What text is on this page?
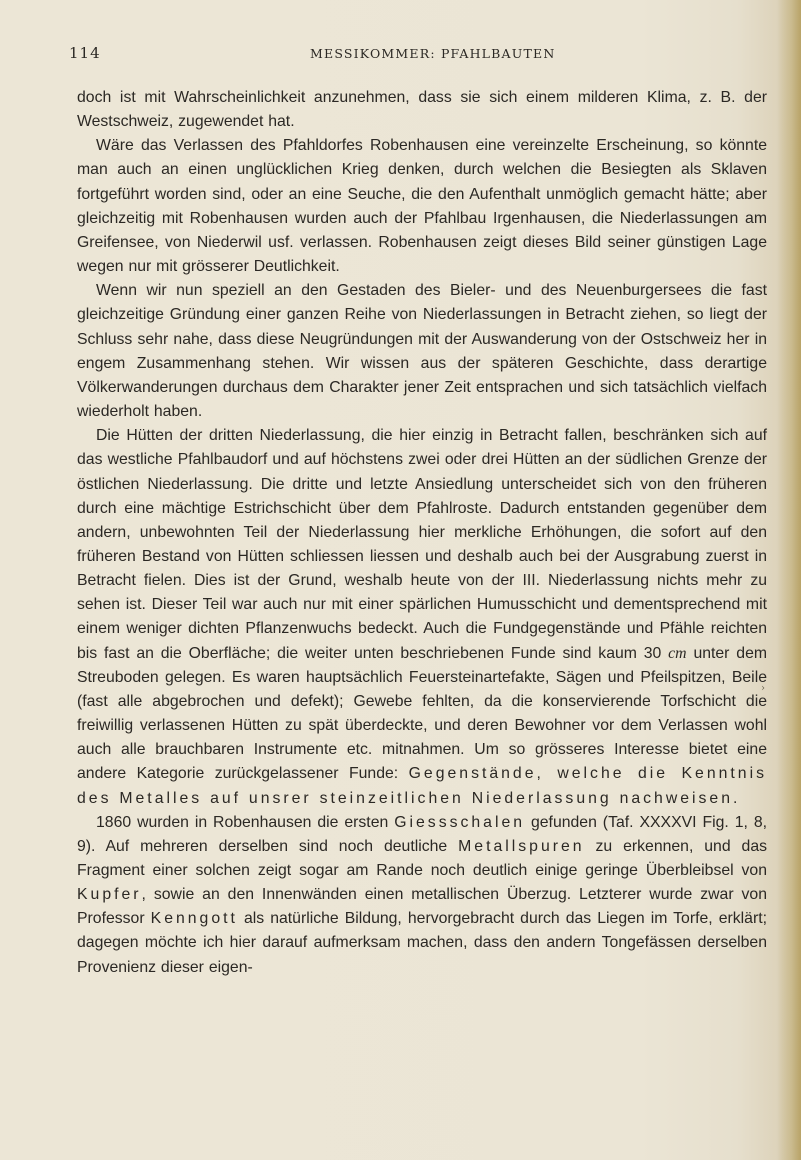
114	MESSIKOMMER: PFAHLBAUTEN

doch ist mit Wahrscheinlichkeit anzunehmen, dass sie sich einem milderen Klima, z. B. der Westschweiz, zugewendet hat.

Wäre das Verlassen des Pfahldorfes Robenhausen eine vereinzelte Erscheinung, so könnte man auch an einen unglücklichen Krieg denken, durch welchen die Besiegten als Sklaven fortgeführt worden sind, oder an eine Seuche, die den Aufenthalt unmöglich gemacht hätte; aber gleichzeitig mit Robenhausen wurden auch der Pfahlbau Irgenhausen, die Niederlassungen am Greifensee, von Niederwil usf. verlassen. Robenhausen zeigt dieses Bild seiner günstigen Lage wegen nur mit grösserer Deutlichkeit.

Wenn wir nun speziell an den Gestaden des Bieler- und des Neuenburgersees die fast gleichzeitige Gründung einer ganzen Reihe von Niederlassungen in Betracht ziehen, so liegt der Schluss sehr nahe, dass diese Neugründungen mit der Auswanderung von der Ostschweiz her in engem Zusammenhang stehen. Wir wissen aus der späteren Geschichte, dass derartige Völkerwanderungen durchaus dem Charakter jener Zeit entsprachen und sich tatsächlich vielfach wiederholt haben.

Die Hütten der dritten Niederlassung, die hier einzig in Betracht fallen, beschränken sich auf das westliche Pfahlbaudorf und auf höchstens zwei oder drei Hütten an der südlichen Grenze der östlichen Niederlassung. Die dritte und letzte Ansiedlung unterscheidet sich von den früheren durch eine mächtige Estrichschicht über dem Pfahlroste. Dadurch entstanden gegenüber dem andern, unbewohnten Teil der Niederlassung hier merkliche Erhöhungen, die sofort auf den früheren Bestand von Hütten schliessen liessen und deshalb auch bei der Ausgrabung zuerst in Betracht fielen. Dies ist der Grund, weshalb heute von der III. Niederlassung nichts mehr zu sehen ist. Dieser Teil war auch nur mit einer spärlichen Humusschicht und dementsprechend mit einem weniger dichten Pflanzenwuchs bedeckt. Auch die Fundgegenstände und Pfähle reichten bis fast an die Oberfläche; die weiter unten beschriebenen Funde sind kaum 30 cm unter dem Streuboden gelegen. Es waren hauptsächlich Feuersteinartefakte, Sägen und Pfeilspitzen, Beile (fast alle abgebrochen und defekt); Gewebe fehlten, da die konservierende Torfschicht die freiwillig verlassenen Hütten zu spät überdeckte, und deren Bewohner vor dem Verlassen wohl auch alle brauchbaren Instrumente etc. mitnahmen. Um so grösseres Interesse bietet eine andere Kategorie zurückgelassener Funde: Gegenstände, welche die Kenntnis des Metalles auf unsrer steinzeitlichen Niederlassung nachweisen.

1860 wurden in Robenhausen die ersten Giessschalen gefunden (Taf. XXXXVI Fig. 1, 8, 9). Auf mehreren derselben sind noch deutliche Metallspuren zu erkennen, und das Fragment einer solchen zeigt sogar am Rande noch deutlich einige geringe Überbleibsel von Kupfer, sowie an den Innenwänden einen metallischen Überzug. Letzterer wurde zwar von Professor Kenngott als natürliche Bildung, hervorgebracht durch das Liegen im Torfe, erklärt; dagegen möchte ich hier darauf aufmerksam machen, dass den andern Tongefässen derselben Provenienz dieser eigen-

›
